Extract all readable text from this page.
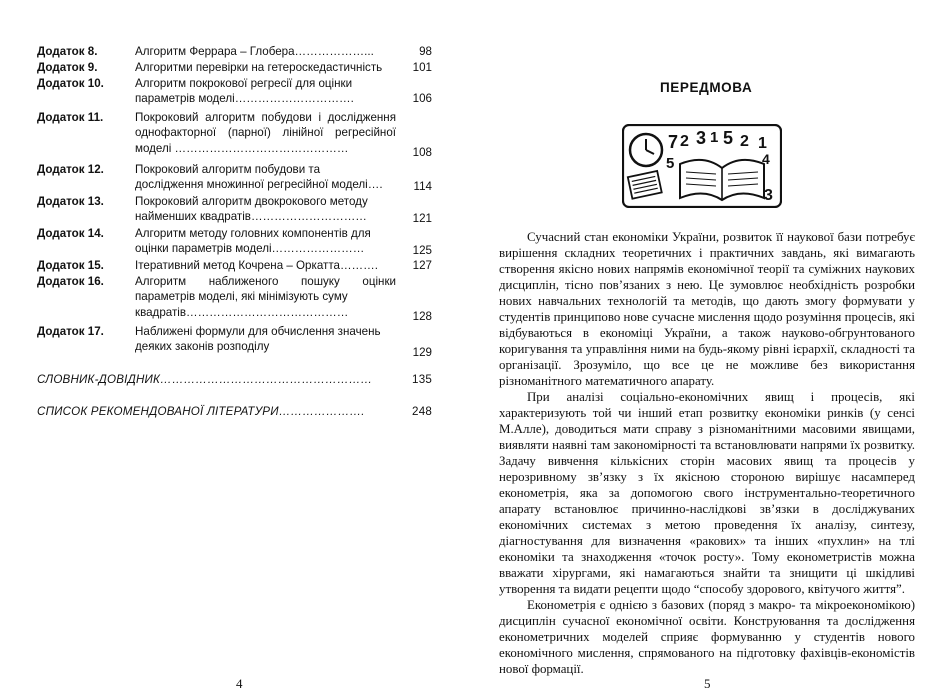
Додаток 8.	Алгоритм Феррара – Глобера………………...	98
Додаток 9.	Алгоритми перевірки на гетероскедастичність	101
Додаток 10.	Алгоритм покрокової регресії для оцінки
параметрів моделі………………………….	106
Додаток 11.	Покроковий алгоритм побудови і дослідження однофакторної (парної) лінійної регресійної моделі ………………………………………	108
Додаток 12.	Покроковий алгоритм побудови та
дослідження множинної регресійної моделі….	114
Додаток 13.	Покроковий алгоритм двокрокового методу
найменших квадратів…………………………	121
Додаток 14.	Алгоритм методу головних компонентів для
оцінки параметрів моделі……………………	125
Додаток 15.	Ітеративний метод Кочрена – Оркатта……….	127
Додаток 16.	Алгоритм наближеного пошуку оцінки параметрів моделі, які мінімізують суму
квадратів……………………………………	128
Додаток 17.	Наближені формули для обчислення значень
деяких законів розподілу	129
СЛОВНИК-ДОВІДНИК………………………………………………	135
СПИСОК РЕКОМЕНДОВАНОЇ ЛІТЕРАТУРИ………………….	248
4
ПЕРЕДМОВА
7 2 3 1 5 2 1
5
3
4

Сучасний стан економіки України, розвиток її наукової бази потребує вирішення складних теоретичних і практичних завдань, які вимагають створення якісно нових напрямів економічної теорії та суміжних наукових дисциплін, тісно пов’язаних з нею. Це зумовлює необхідність розробки нових навчальних технологій та методів, що дають змогу формувати у студентів принципово нове сучасне мислення щодо розуміння процесів, які відбуваються в економіці України, а також науково-обгрунтованого коригування та управління ними на будь-якому рівні ієрархії, складності та організації. Зрозуміло, що все це не можливе без використання різноманітного математичного апарату.

При аналізі соціально-економічних явищ і процесів, які характеризують той чи інший етап розвитку економіки ринків (у сенсі М.Алле), доводиться мати справу з різноманітними масовими явищами, виявляти наявні там закономірності та встановлювати напрями їх розвитку. Задачу вивчення кількісних сторін масових явищ та процесів у нерозривному зв’язку з їх якісною стороною вирішує насамперед економетрія, яка за допомогою свого інструментально-теоретичного апарату встановлює причинно-наслідкові зв’язки в досліджуваних економічних системах з метою проведення їх аналізу, синтезу, діагностування для визначення «ракових» та інших «пухлин» на тлі економіки та знаходження «точок росту». Тому економетристів можна вважати хірургами, які намагаються знайти та знищити ці шкідливі утворення та видати рецепти щодо “способу здорового, квітучого життя”.

Економетрія є однією з базових (поряд з макро- та мікроекономікою) дисциплін сучасної економічної освіти. Конструювання та дослідження економетричних моделей сприяє формуванню у студентів нового економічного мислення, спрямованого на підготовку фахівців-економістів нової формації.

5
